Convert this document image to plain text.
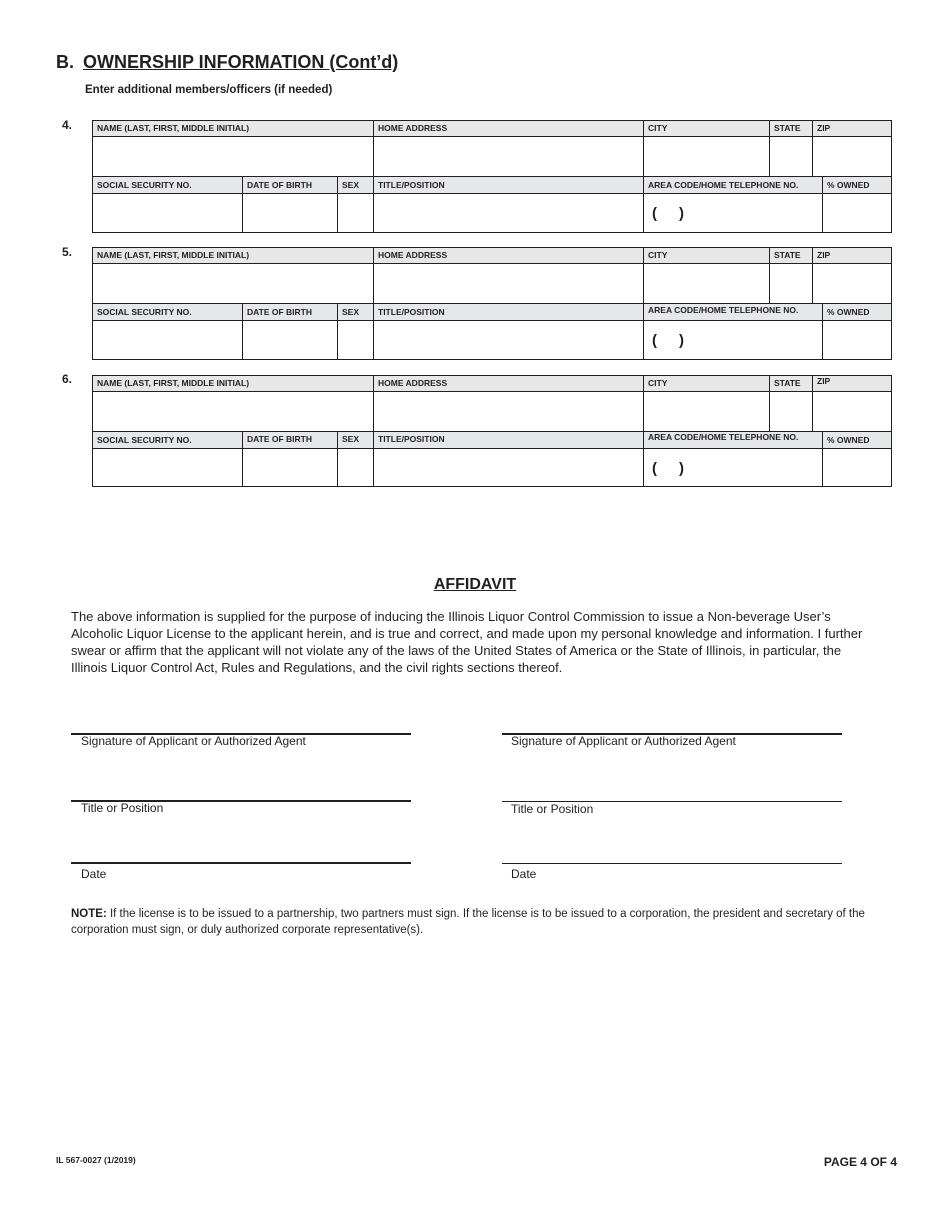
B. OWNERSHIP INFORMATION (Cont’d)
Enter additional members/officers (if needed)
4.	NAME (LAST, FIRST, MIDDLE INITIAL)	HOME ADDRESS	CITY	STATE	ZIP
SOCIAL SECURITY NO.	DATE OF BIRTH	SEX	TITLE/POSITION	AREA CODE/HOME TELEPHONE NO.	% OWNED
( )
5.	NAME (LAST, FIRST, MIDDLE INITIAL)	HOME ADDRESS	CITY	STATE	ZIP
SOCIAL SECURITY NO.	DATE OF BIRTH	SEX	TITLE/POSITION	AREA CODE/HOME TELEPHONE NO.	% OWNED
( )
6.	NAME (LAST, FIRST, MIDDLE INITIAL)	HOME ADDRESS	CITY	STATE	ZIP
SOCIAL SECURITY NO.	DATE OF BIRTH	SEX	TITLE/POSITION	AREA CODE/HOME TELEPHONE NO.	% OWNED
( )
AFFIDAVIT
The above information is supplied for the purpose of inducing the Illinois Liquor Control Commission to issue a Non-beverage User’s Alcoholic Liquor License to the applicant herein, and is true and correct, and made upon my personal knowledge and information. I further swear or affirm that the applicant will not violate any of the laws of the United States of America or the State of Illinois, in particular, the Illinois Liquor Control Act, Rules and Regulations, and the civil rights sections thereof.
Signature of Applicant or Authorized Agent
Title or Position
Date
Signature of Applicant or Authorized Agent
Title or Position
Date
NOTE: If the license is to be issued to a partnership, two partners must sign. If the license is to be issued to a corporation, the president and secretary of the corporation must sign, or duly authorized corporate representative(s).
IL 567-0027 (1/2019)	PAGE 4 OF 4
